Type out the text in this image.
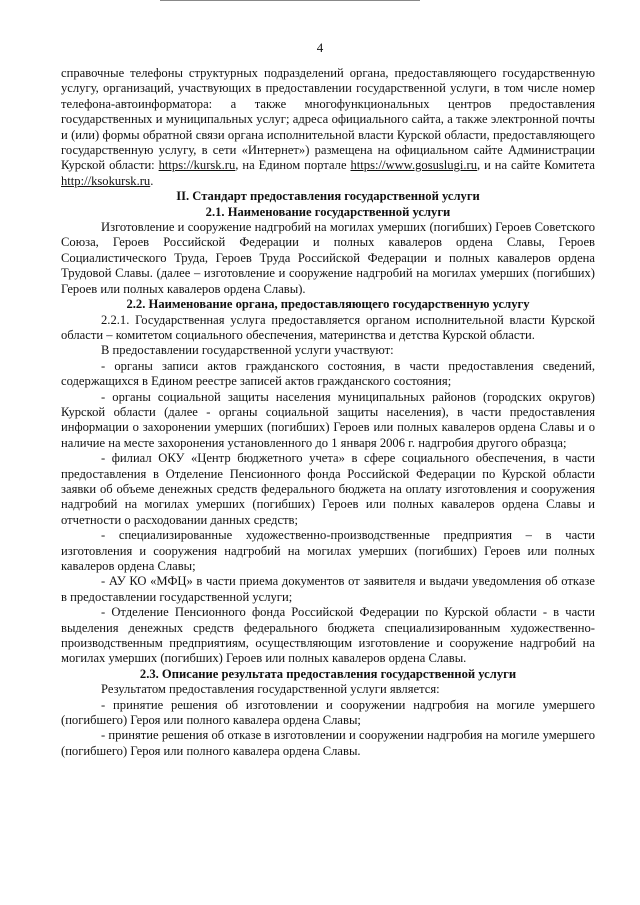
4

справочные телефоны структурных подразделений органа, предоставляющего государственную услугу, организаций, участвующих в предоставлении государственной услуги, в том числе номер телефона-автоинформатора: а также многофункциональных центров предоставления государственных и муниципальных услуг; адреса официального сайта, а также электронной почты и (или) формы обратной связи органа исполнительной власти Курской области, предоставляющего государственную услугу, в сети «Интернет») размещена на официальном сайте Администрации Курской области: https://kursk.ru, на Едином портале https://www.gosuslugi.ru, и на сайте Комитета http://ksokursk.ru.

II. Стандарт предоставления государственной услуги

2.1. Наименование государственной услуги

Изготовление и сооружение надгробий на могилах умерших (погибших) Героев Советского Союза, Героев Российской Федерации и полных кавалеров ордена Славы, Героев Социалистического Труда, Героев Труда Российской Федерации и полных кавалеров ордена Трудовой Славы. (далее – изготовление и сооружение надгробий на могилах умерших (погибших) Героев или полных кавалеров ордена Славы).

2.2. Наименование органа, предоставляющего государственную услугу

2.2.1. Государственная услуга предоставляется органом исполнительной власти Курской области – комитетом социального обеспечения, материнства и детства Курской области.

В предоставлении государственной услуги участвуют:

- органы записи актов гражданского состояния, в части предоставления сведений, содержащихся в Едином реестре записей актов гражданского состояния;

- органы социальной защиты населения муниципальных районов (городских округов) Курской области (далее - органы социальной защиты населения), в части предоставления информации о захоронении умерших (погибших) Героев или полных кавалеров ордена Славы и о наличие на месте захоронения установленного до 1 января 2006 г. надгробия другого образца;

- филиал ОКУ «Центр бюджетного учета» в сфере социального обеспечения, в части предоставления в Отделение Пенсионного фонда Российской Федерации по Курской области заявки об объеме денежных средств федерального бюджета на оплату изготовления и сооружения надгробий на могилах умерших (погибших) Героев или полных кавалеров ордена Славы и отчетности о расходовании данных средств;

- специализированные художественно-производственные предприятия – в части изготовления и сооружения надгробий на могилах умерших (погибших) Героев или полных кавалеров ордена Славы;

- АУ КО «МФЦ» в части приема документов от заявителя и выдачи уведомления об отказе в предоставлении государственной услуги;

- Отделение Пенсионного фонда Российской Федерации по Курской области - в части выделения денежных средств федерального бюджета специализированным художественно-производственным предприятиям, осуществляющим изготовление и сооружение надгробий на могилах умерших (погибших) Героев или полных кавалеров ордена Славы.

2.3. Описание результата предоставления государственной услуги

Результатом предоставления государственной услуги является:

- принятие решения об изготовлении и сооружении надгробия на могиле умершего (погибшего) Героя или полного кавалера ордена Славы;

- принятие решения об отказе в изготовлении и сооружении надгробия на могиле умершего (погибшего) Героя или полного кавалера ордена Славы.
